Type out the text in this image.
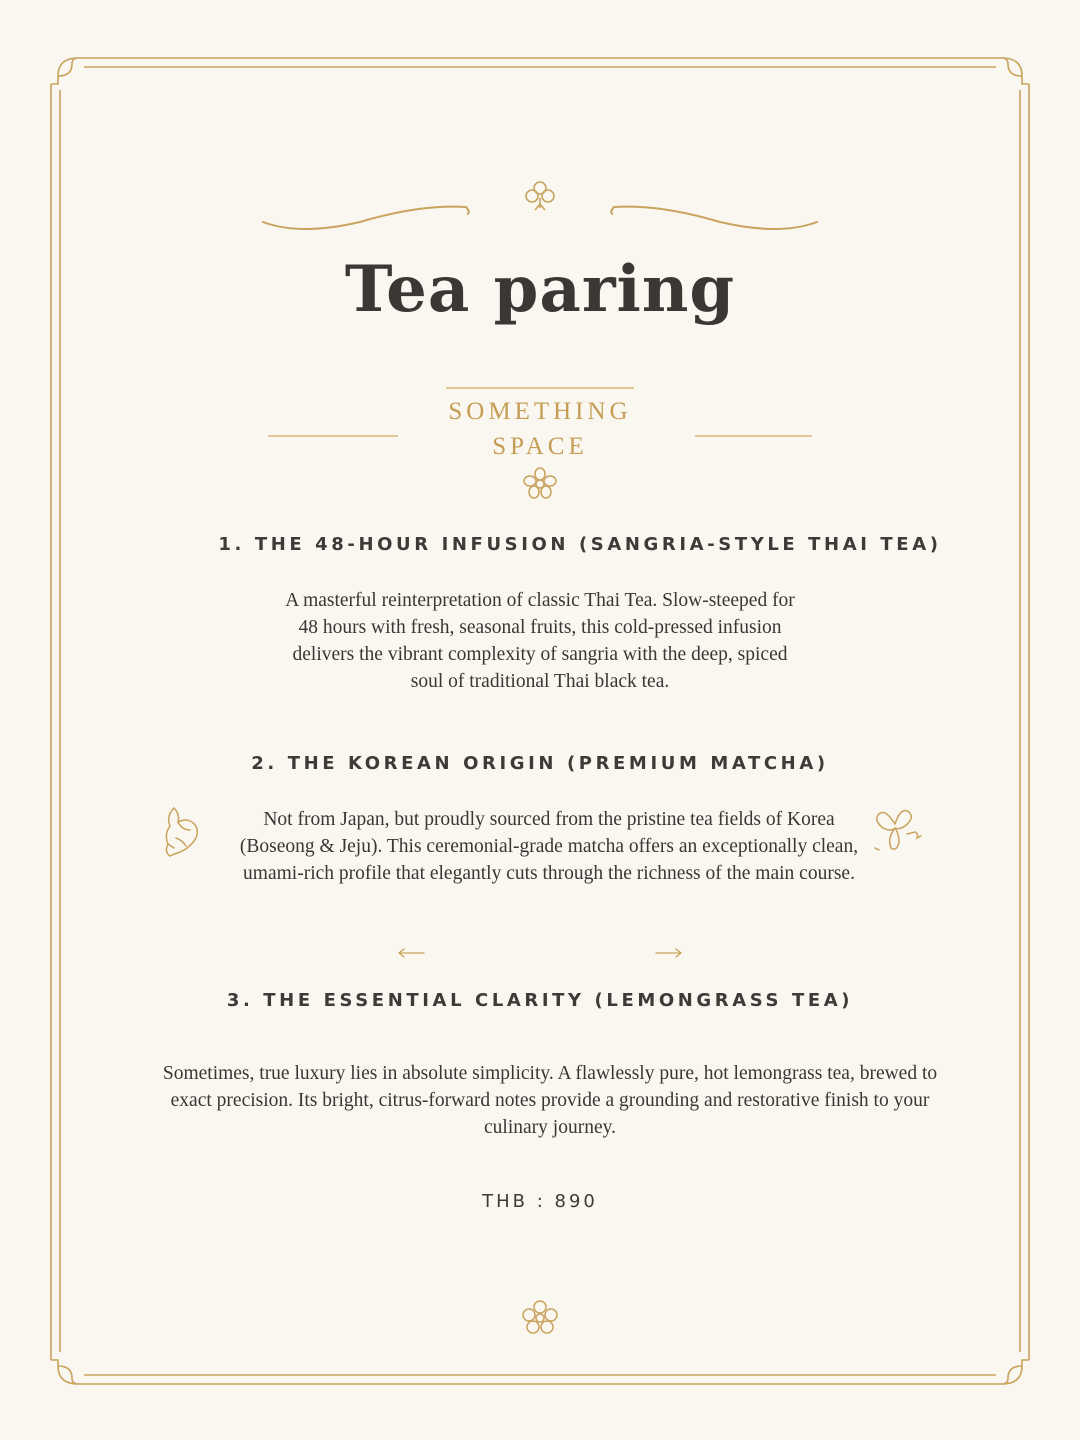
Tea paring
SOMETHING
SPACE
1. THE 48-HOUR INFUSION (SANGRIA-STYLE THAI TEA)

A masterful reinterpretation of classic Thai Tea. Slow-steeped for 48 hours with fresh, seasonal fruits, this cold-pressed infusion delivers the vibrant complexity of sangria with the deep, spiced soul of traditional Thai black tea.

2. THE KOREAN ORIGIN (PREMIUM MATCHA)

Not from Japan, but proudly sourced from the pristine tea fields of Korea (Boseong & Jeju). This ceremonial-grade matcha offers an exceptionally clean, umami-rich profile that elegantly cuts through the richness of the main course.

3. THE ESSENTIAL CLARITY (LEMONGRASS TEA)

Sometimes, true luxury lies in absolute simplicity. A flawlessly pure, hot lemongrass tea, brewed to exact precision. Its bright, citrus-forward notes provide a grounding and restorative finish to your culinary journey.

THB : 890
